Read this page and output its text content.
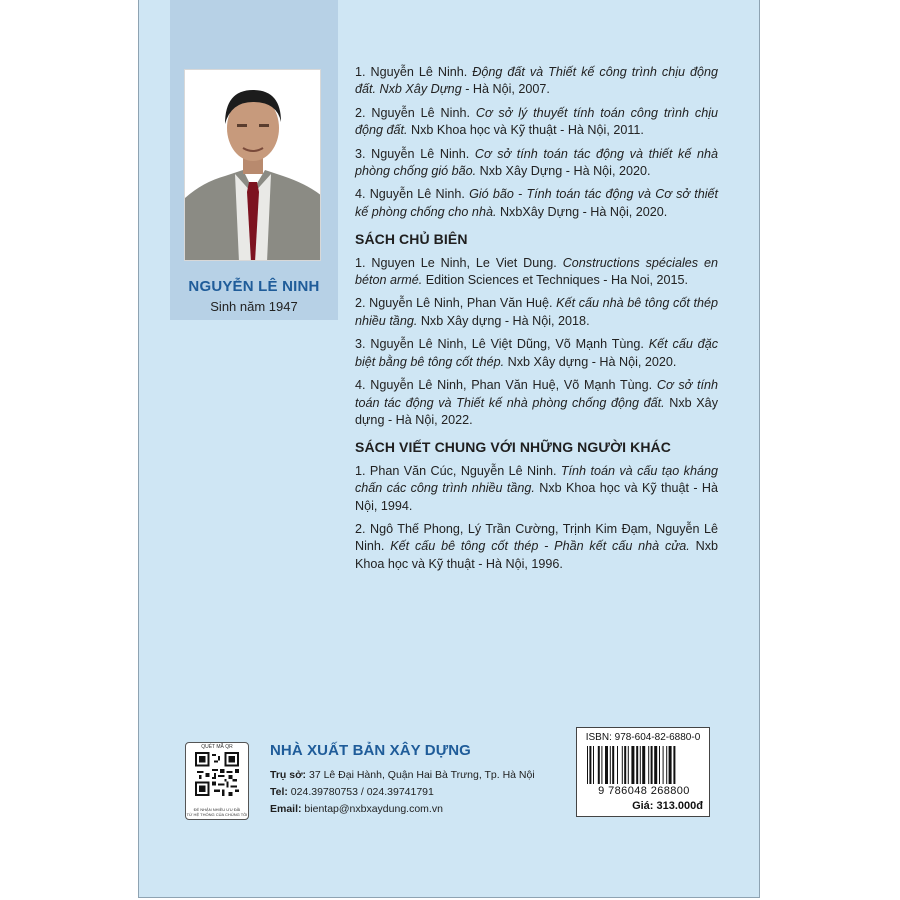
NGUYỄN LÊ NINH
Sinh năm 1947

1. Nguyễn Lê Ninh. Động đất và Thiết kế công trình chịu động đất. Nxb Xây Dựng - Hà Nội, 2007.

2. Nguyễn Lê Ninh. Cơ sở lý thuyết tính toán công trình chịu động đất. Nxb Khoa học và Kỹ thuật - Hà Nội, 2011.

3. Nguyễn Lê Ninh. Cơ sở tính toán tác động và thiết kế nhà phòng chống gió bão. Nxb Xây Dựng - Hà Nội, 2020.

4. Nguyễn Lê Ninh. Gió bão - Tính toán tác động và Cơ sở thiết kế phòng chống cho nhà. NxbXây Dựng - Hà Nội, 2020.

SÁCH CHỦ BIÊN

1. Nguyen Le Ninh, Le Viet Dung. Constructions spéciales en béton armé. Edition Sciences et Techniques - Ha Noi, 2015.

2. Nguyễn Lê Ninh, Phan Văn Huệ. Kết cấu nhà bê tông cốt thép nhiều tầng. Nxb Xây dựng - Hà Nội, 2018.

3. Nguyễn Lê Ninh, Lê Việt Dũng, Võ Mạnh Tùng. Kết cấu đặc biệt bằng bê tông cốt thép. Nxb Xây dựng - Hà Nội, 2020.

4. Nguyễn Lê Ninh, Phan Văn Huệ, Võ Mạnh Tùng. Cơ sở tính toán tác động và Thiết kế nhà phòng chống động đất. Nxb Xây dựng - Hà Nội, 2022.

SÁCH VIẾT CHUNG VỚI NHỮNG NGƯỜI KHÁC

1. Phan Văn Cúc, Nguyễn Lê Ninh. Tính toán và cấu tạo kháng chấn các công trình nhiều tầng. Nxb Khoa học và Kỹ thuật - Hà Nội, 1994.

2. Ngô Thế Phong, Lý Trần Cường, Trịnh Kim Đạm, Nguyễn Lê Ninh. Kết cấu bê tông cốt thép - Phần kết cấu nhà cửa. Nxb Khoa học và Kỹ thuật - Hà Nội, 1996.

QUÉT MÃ QR
ĐỂ NHẬN NHIỀU ƯU ĐÃI
TỪ HỆ THỐNG CỦA CHÚNG TÔI
NHÀ XUẤT BẢN XÂY DỰNG
Trụ sở: 37 Lê Đại Hành, Quận Hai Bà Trưng, Tp. Hà Nội
Tel: 024.39780753 / 024.39741791
Email: bientap@nxbxaydung.com.vn
ISBN: 978-604-82-6880-0
9 786048 268800
Giá: 313.000đ
